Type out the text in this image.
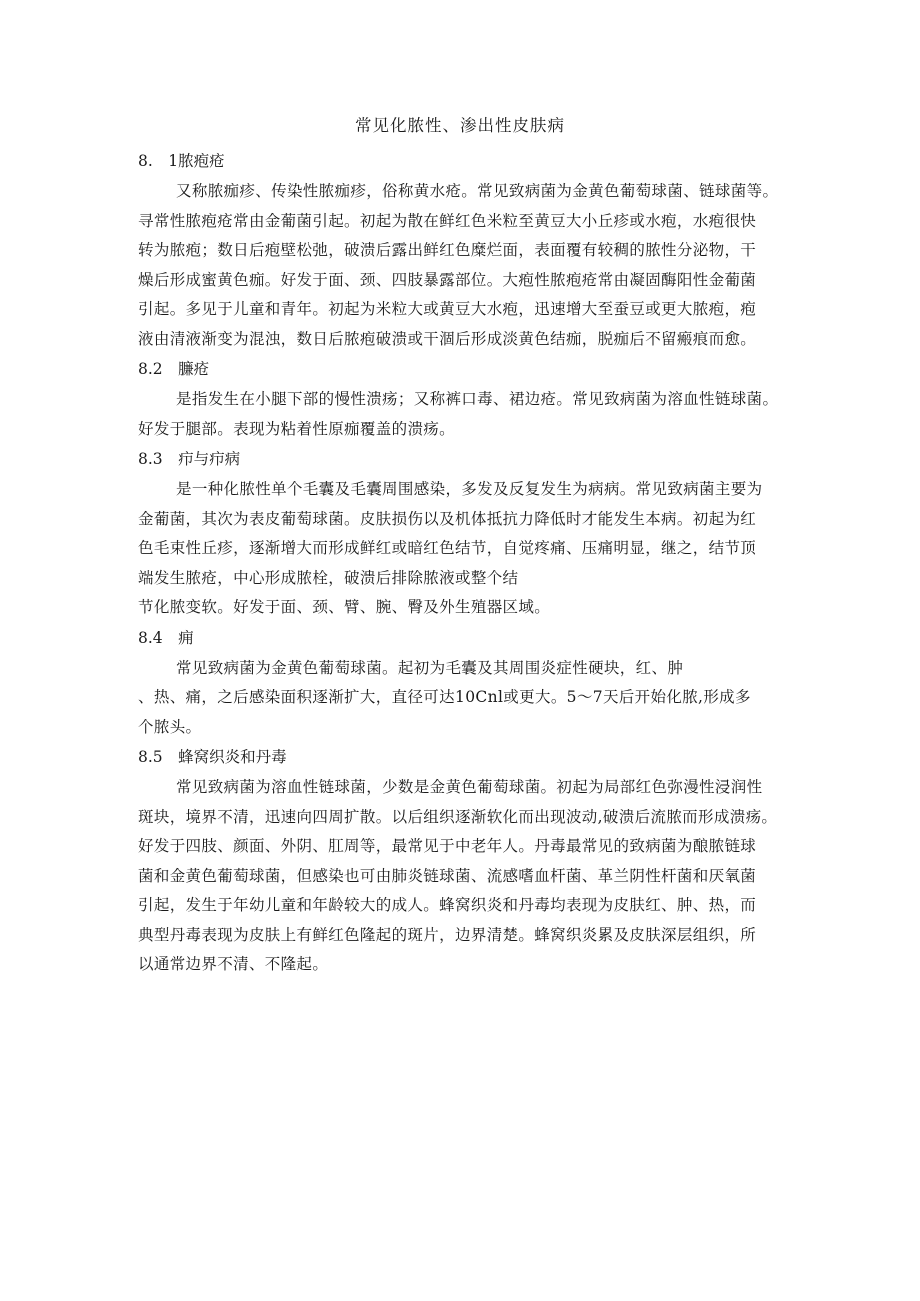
常见化脓性、渗出性皮肤病
8.　1脓疱疮
又称脓痂疹、传染性脓痂疹，俗称黄水疮。常见致病菌为金黄色葡萄球菌、链球菌等。
寻常性脓疱疮常由金葡菌引起。初起为散在鲜红色米粒至黄豆大小丘疹或水疱，水疱很快
转为脓疱；数日后疱壁松弛，破溃后露出鲜红色糜烂面，表面覆有较稠的脓性分泌物，干
燥后形成蜜黄色痂。好发于面、颈、四肢暴露部位。大疱性脓疱疮常由凝固酶阳性金葡菌
引起。多见于儿童和青年。初起为米粒大或黄豆大水疱，迅速增大至蚕豆或更大脓疱，疱
液由清液渐变为混浊，数日后脓疱破溃或干涸后形成淡黄色结痂，脱痂后不留瘢痕而愈。
8.2　臁疮
是指发生在小腿下部的慢性溃疡；又称裤口毒、裙边疮。常见致病菌为溶血性链球菌。
好发于腿部。表现为粘着性原痂覆盖的溃疡。
8.3　疖与疖病
是一种化脓性单个毛囊及毛囊周围感染，多发及反复发生为病病。常见致病菌主要为
金葡菌，其次为表皮葡萄球菌。皮肤损伤以及机体抵抗力降低时才能发生本病。初起为红
色毛束性丘疹，逐渐增大而形成鲜红或暗红色结节，自觉疼痛、压痛明显，继之，结节顶
端发生脓疮，中心形成脓栓，破溃后排除脓液或整个结
节化脓变软。好发于面、颈、臂、腕、臀及外生殖器区域。
8.4　痈
常见致病菌为金黄色葡萄球菌。起初为毛囊及其周围炎症性硬块，红、肿
、热、痛，之后感染面积逐渐扩大，直径可达10Cnl或更大。5～7天后开始化脓,形成多
个脓头。
8.5　蜂窝织炎和丹毒
常见致病菌为溶血性链球菌，少数是金黄色葡萄球菌。初起为局部红色弥漫性浸润性
斑块，境界不清，迅速向四周扩散。以后组织逐渐软化而出现波动,破溃后流脓而形成溃疡。
好发于四肢、颜面、外阴、肛周等，最常见于中老年人。丹毒最常见的致病菌为酿脓链球
菌和金黄色葡萄球菌，但感染也可由肺炎链球菌、流感嗜血杆菌、革兰阴性杆菌和厌氧菌
引起，发生于年幼儿童和年龄较大的成人。蜂窝织炎和丹毒均表现为皮肤红、肿、热，而
典型丹毒表现为皮肤上有鲜红色隆起的斑片，边界清楚。蜂窝织炎累及皮肤深层组织，所
以通常边界不清、不隆起。
